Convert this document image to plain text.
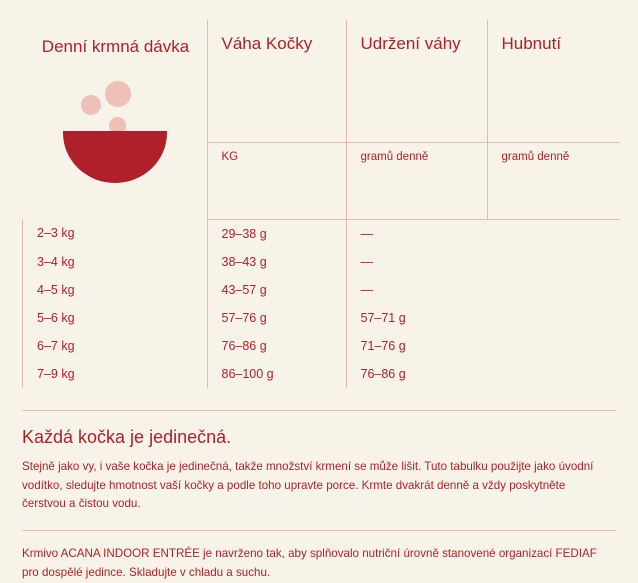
Denní krmná dávka	Váha Kočky	Udržení váhy	Hubnutí

	KG	gramů denně	gramů denně

2–3 kg	29–38 g	—	

3–4 kg	38–43 g	—	

4–5 kg	43–57 g	—	

5–6 kg	57–76 g	57–71 g	

6–7 kg	76–86 g	71–76 g	

7–9 kg	86–100 g	76–86 g	
Každá kočka je jedinečná.

Stejně jako vy, i vaše kočka je jedinečná, takže množství krmení se může lišit. Tuto tabulku použijte jako úvodní vodítko, sledujte hmotnost vaší kočky a podle toho upravte porce. Krmte dvakrát denně a vždy poskytněte čerstvou a čistou vodu.

Krmivo ACANA INDOOR ENTRÉE je navrženo tak, aby splňovalo nutriční úrovně stanovené organizací FEDIAF pro dospělé jedince. Skladujte v chladu a suchu.
